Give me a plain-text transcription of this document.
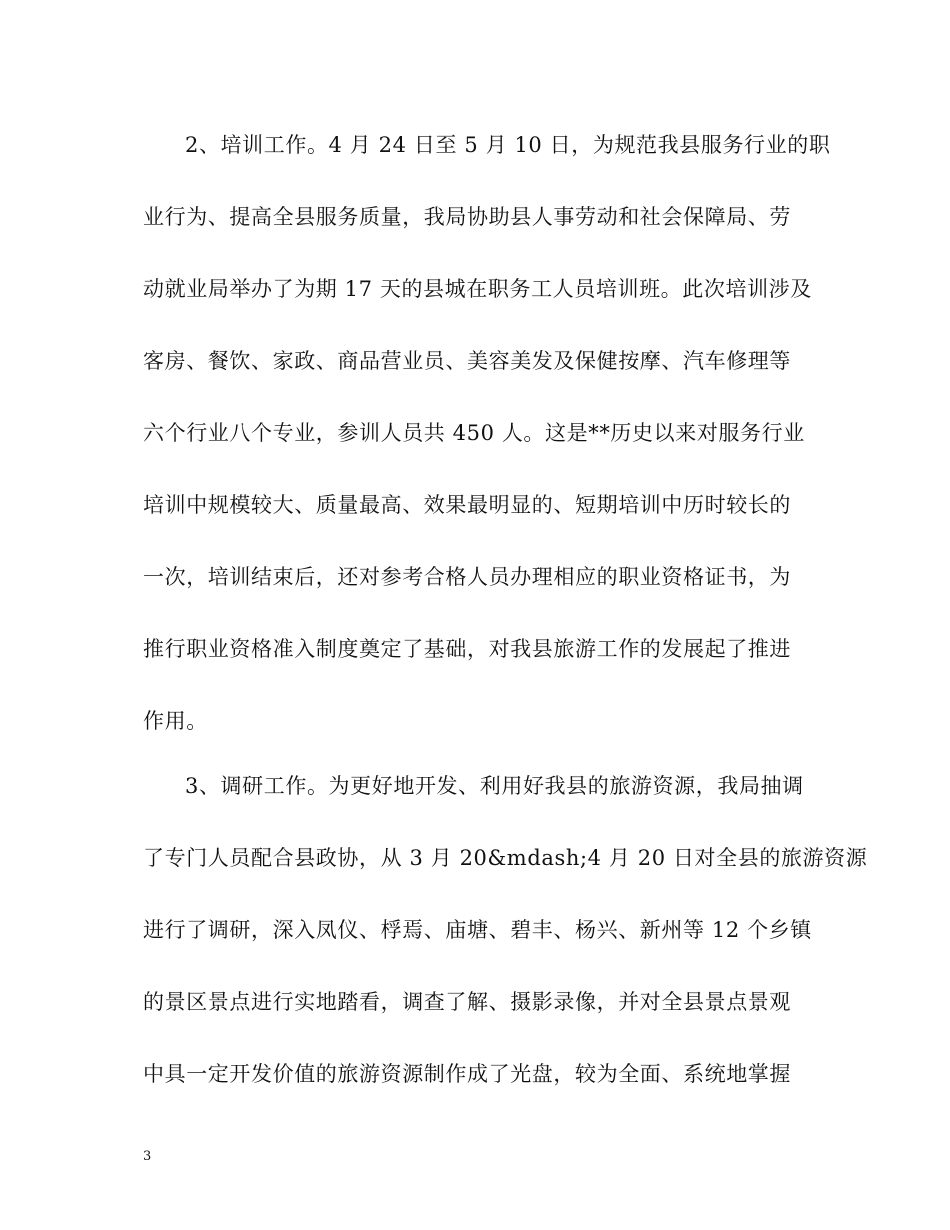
2、培训工作。4 月 24 日至 5 月 10 日，为规范我县服务行业的职
业行为、提高全县服务质量，我局协助县人事劳动和社会保障局、劳
动就业局举办了为期 17 天的县城在职务工人员培训班。此次培训涉及
客房、餐饮、家政、商品营业员、美容美发及保健按摩、汽车修理等
六个行业八个专业，参训人员共 450 人。这是**历史以来对服务行业
培训中规模较大、质量最高、效果最明显的、短期培训中历时较长的
一次，培训结束后，还对参考合格人员办理相应的职业资格证书，为
推行职业资格准入制度奠定了基础，对我县旅游工作的发展起了推进
作用。
3、调研工作。为更好地开发、利用好我县的旅游资源，我局抽调
了专门人员配合县政协，从 3 月 20&mdash;4 月 20 日对全县的旅游资源
进行了调研，深入凤仪、桴焉、庙塘、碧丰、杨兴、新州等 12 个乡镇
的景区景点进行实地踏看，调查了解、摄影录像，并对全县景点景观
中具一定开发价值的旅游资源制作成了光盘，较为全面、系统地掌握
3
